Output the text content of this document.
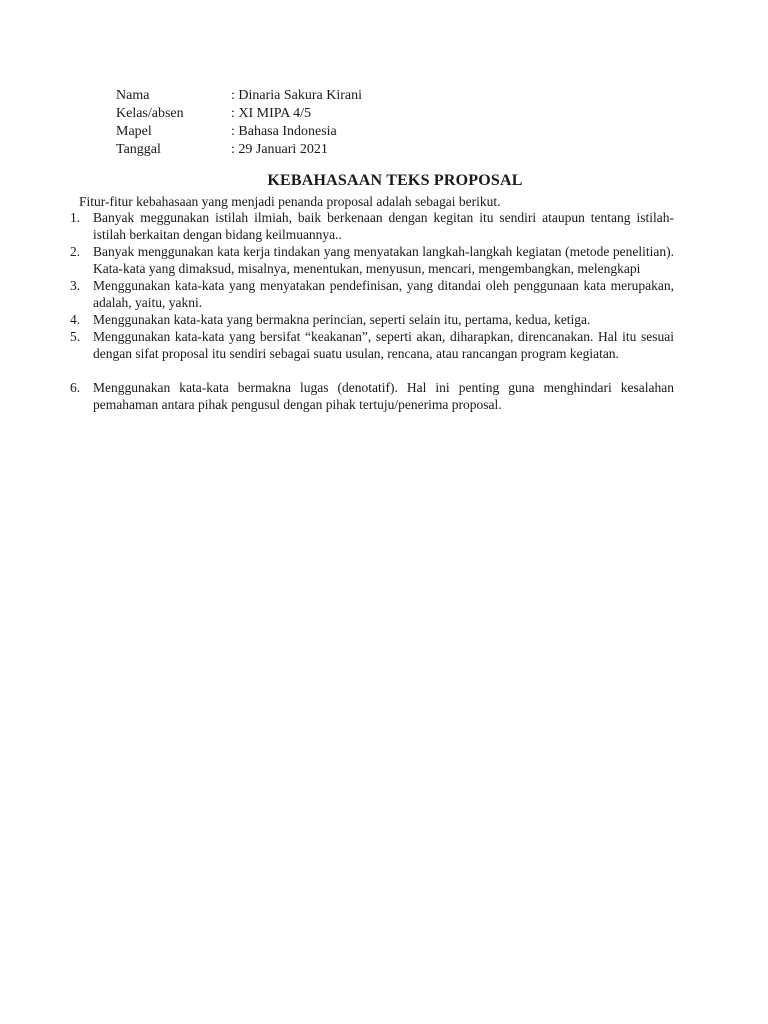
Nama	: Dinaria Sakura Kirani
Kelas/absen	: XI MIPA 4/5
Mapel	: Bahasa Indonesia
Tanggal	: 29 Januari 2021
KEBAHASAAN TEKS PROPOSAL
Fitur-fitur kebahasaan yang menjadi penanda proposal adalah sebagai berikut.
1. Banyak meggunakan istilah ilmiah, baik berkenaan dengan kegitan itu sendiri ataupun tentang istilah-istilah berkaitan dengan bidang keilmuannya..
2. Banyak menggunakan kata kerja tindakan yang menyatakan langkah-langkah kegiatan (metode penelitian). Kata-kata yang dimaksud, misalnya, menentukan, menyusun, mencari, mengembangkan, melengkapi
3. Menggunakan kata-kata yang menyatakan pendefinisan, yang ditandai oleh penggunaan kata merupakan, adalah, yaitu, yakni.
4. Menggunakan kata-kata yang bermakna perincian, seperti selain itu, pertama, kedua, ketiga.
5. Menggunakan kata-kata yang bersifat “keakanan”, seperti akan, diharapkan, direncanakan. Hal itu sesuai dengan sifat proposal itu sendiri sebagai suatu usulan, rencana, atau rancangan program kegiatan.
6. Menggunakan kata-kata bermakna lugas (denotatif). Hal ini penting guna menghindari kesalahan pemahaman antara pihak pengusul dengan pihak tertuju/penerima proposal.
